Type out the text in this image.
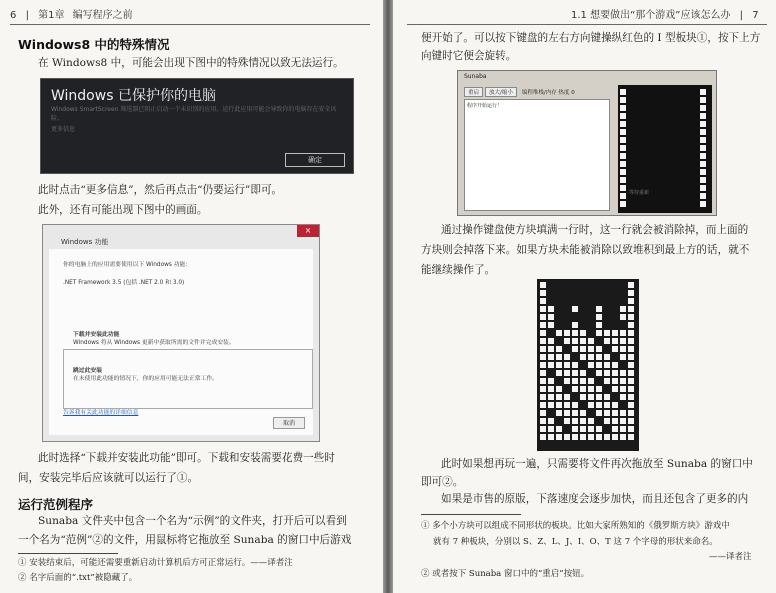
6 | 第1章 编写程序之前
Windows8 中的特殊情况
在 Windows8 中，可能会出现下图中的特殊情况以致无法运行。
Windows 已保护你的电脑
Windows SmartScreen 筛选器已阻止启动一个未识别的应用。运行此应用可能会导致你的电脑存在安全风险。
更多信息
确定
此时点击“更多信息”，然后再点击“仍要运行”即可。
此外，还有可能出现下图中的画面。
×
Windows 功能
你的电脑上的应用需要使用以下 Windows 功能:
.NET Framework 3.5 (包括 .NET 2.0 和 3.0)
下载并安装此功能
Windows 将从 Windows 更新中获取所需的文件并完成安装。
跳过此安装
在未使用此功能的情况下，你的应用可能无法正常工作。
告诉我有关此功能的详细信息
取消
此时选择“下载并安装此功能”即可。下载和安装需要花费一些时
间，安装完毕后应该就可以运行了①。
运行范例程序
Sunaba 文件夹中包含一个名为“示例”的文件夹，打开后可以看到
一个名为“范例”②的文件，用鼠标将它拖放至 Sunaba 的窗口中后游戏
① 安装结束后，可能还需要重新启动计算机后方可正常运行。——译者注
② 名字后面的“.txt”被隐藏了。
1.1 想要做出“那个游戏”应该怎么办 | 7
便开始了。可以按下键盘的左右方向键操纵红色的 I 型板块①，按下上方
向键时它便会旋转。
通过操作键盘使方块填满一行时，这一行就会被消除掉，而上面的
方块则会掉落下来。如果方块未能被消除以致堆积到最上方的话，就不
能继续操作了。
此时如果想再玩一遍，只需要将文件再次拖放至 Sunaba 的窗口中
即可②。
如果是市售的原版，下落速度会逐步加快，而且还包含了更多的内
① 多个小方块可以组成不同形状的板块。比如大家所熟知的《俄罗斯方块》游戏中
就有 7 种板块，分别以 S、Z、L、J、I、O、T 这 7 个字母的形状来命名。
——译者注
② 或者按下 Sunaba 窗口中的“重启”按钮。
Sunaba
重启 放大/缩小 编程堆栈/内存 热度 0
程序开始运行！
等待重新
